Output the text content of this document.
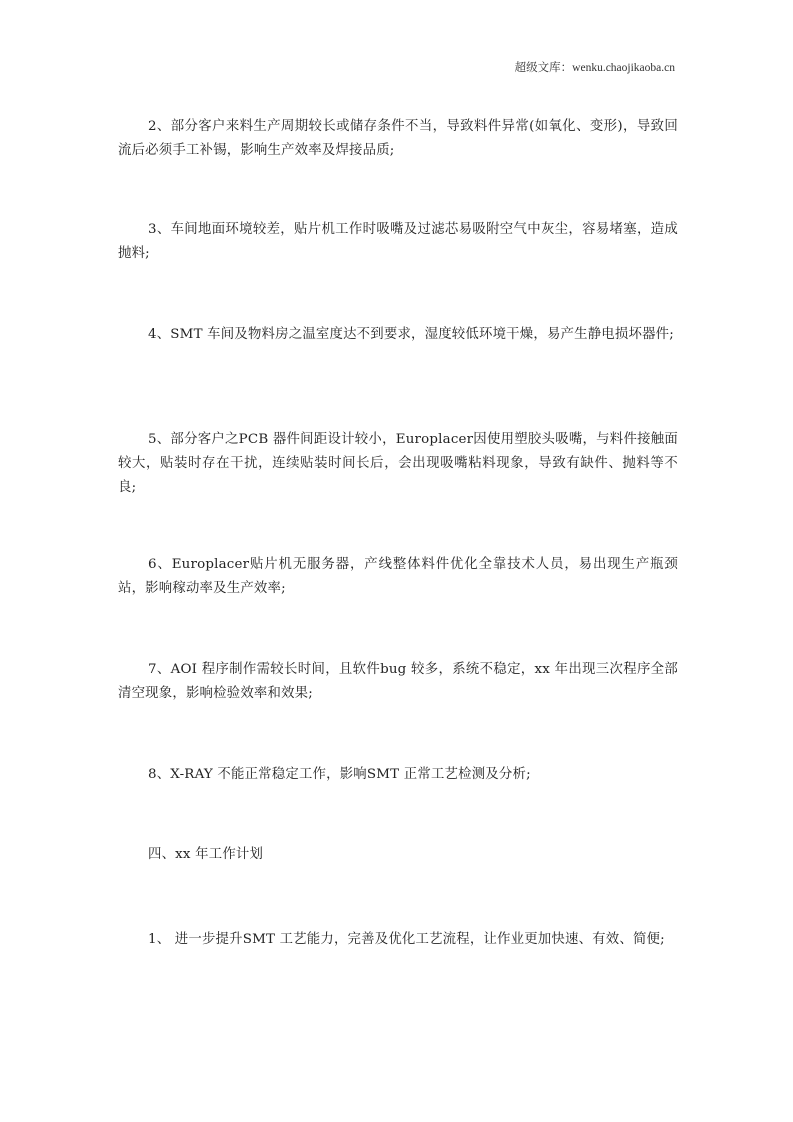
超级文库：wenku.chaojikaoba.cn
2、部分客户来料生产周期较长或储存条件不当，导致料件异常(如氧化、变形)，导致回流后必须手工补锡，影响生产效率及焊接品质;
3、车间地面环境较差，贴片机工作时吸嘴及过滤芯易吸附空气中灰尘，容易堵塞，造成抛料;
4、SMT 车间及物料房之温室度达不到要求，湿度较低环境干燥，易产生静电损坏器件;
5、部分客户之PCB 器件间距设计较小，Europlacer因使用塑胶头吸嘴，与料件接触面较大，贴装时存在干扰，连续贴装时间长后，会出现吸嘴粘料现象，导致有缺件、抛料等不良;
6、Europlacer贴片机无服务器，产线整体料件优化全靠技术人员，易出现生产瓶颈站，影响稼动率及生产效率;
7、AOI 程序制作需较长时间，且软件bug 较多，系统不稳定，xx 年出现三次程序全部清空现象，影响检验效率和效果;
8、X-RAY 不能正常稳定工作，影响SMT 正常工艺检测及分析;
四、xx 年工作计划
1、 进一步提升SMT 工艺能力，完善及优化工艺流程，让作业更加快速、有效、简便;
